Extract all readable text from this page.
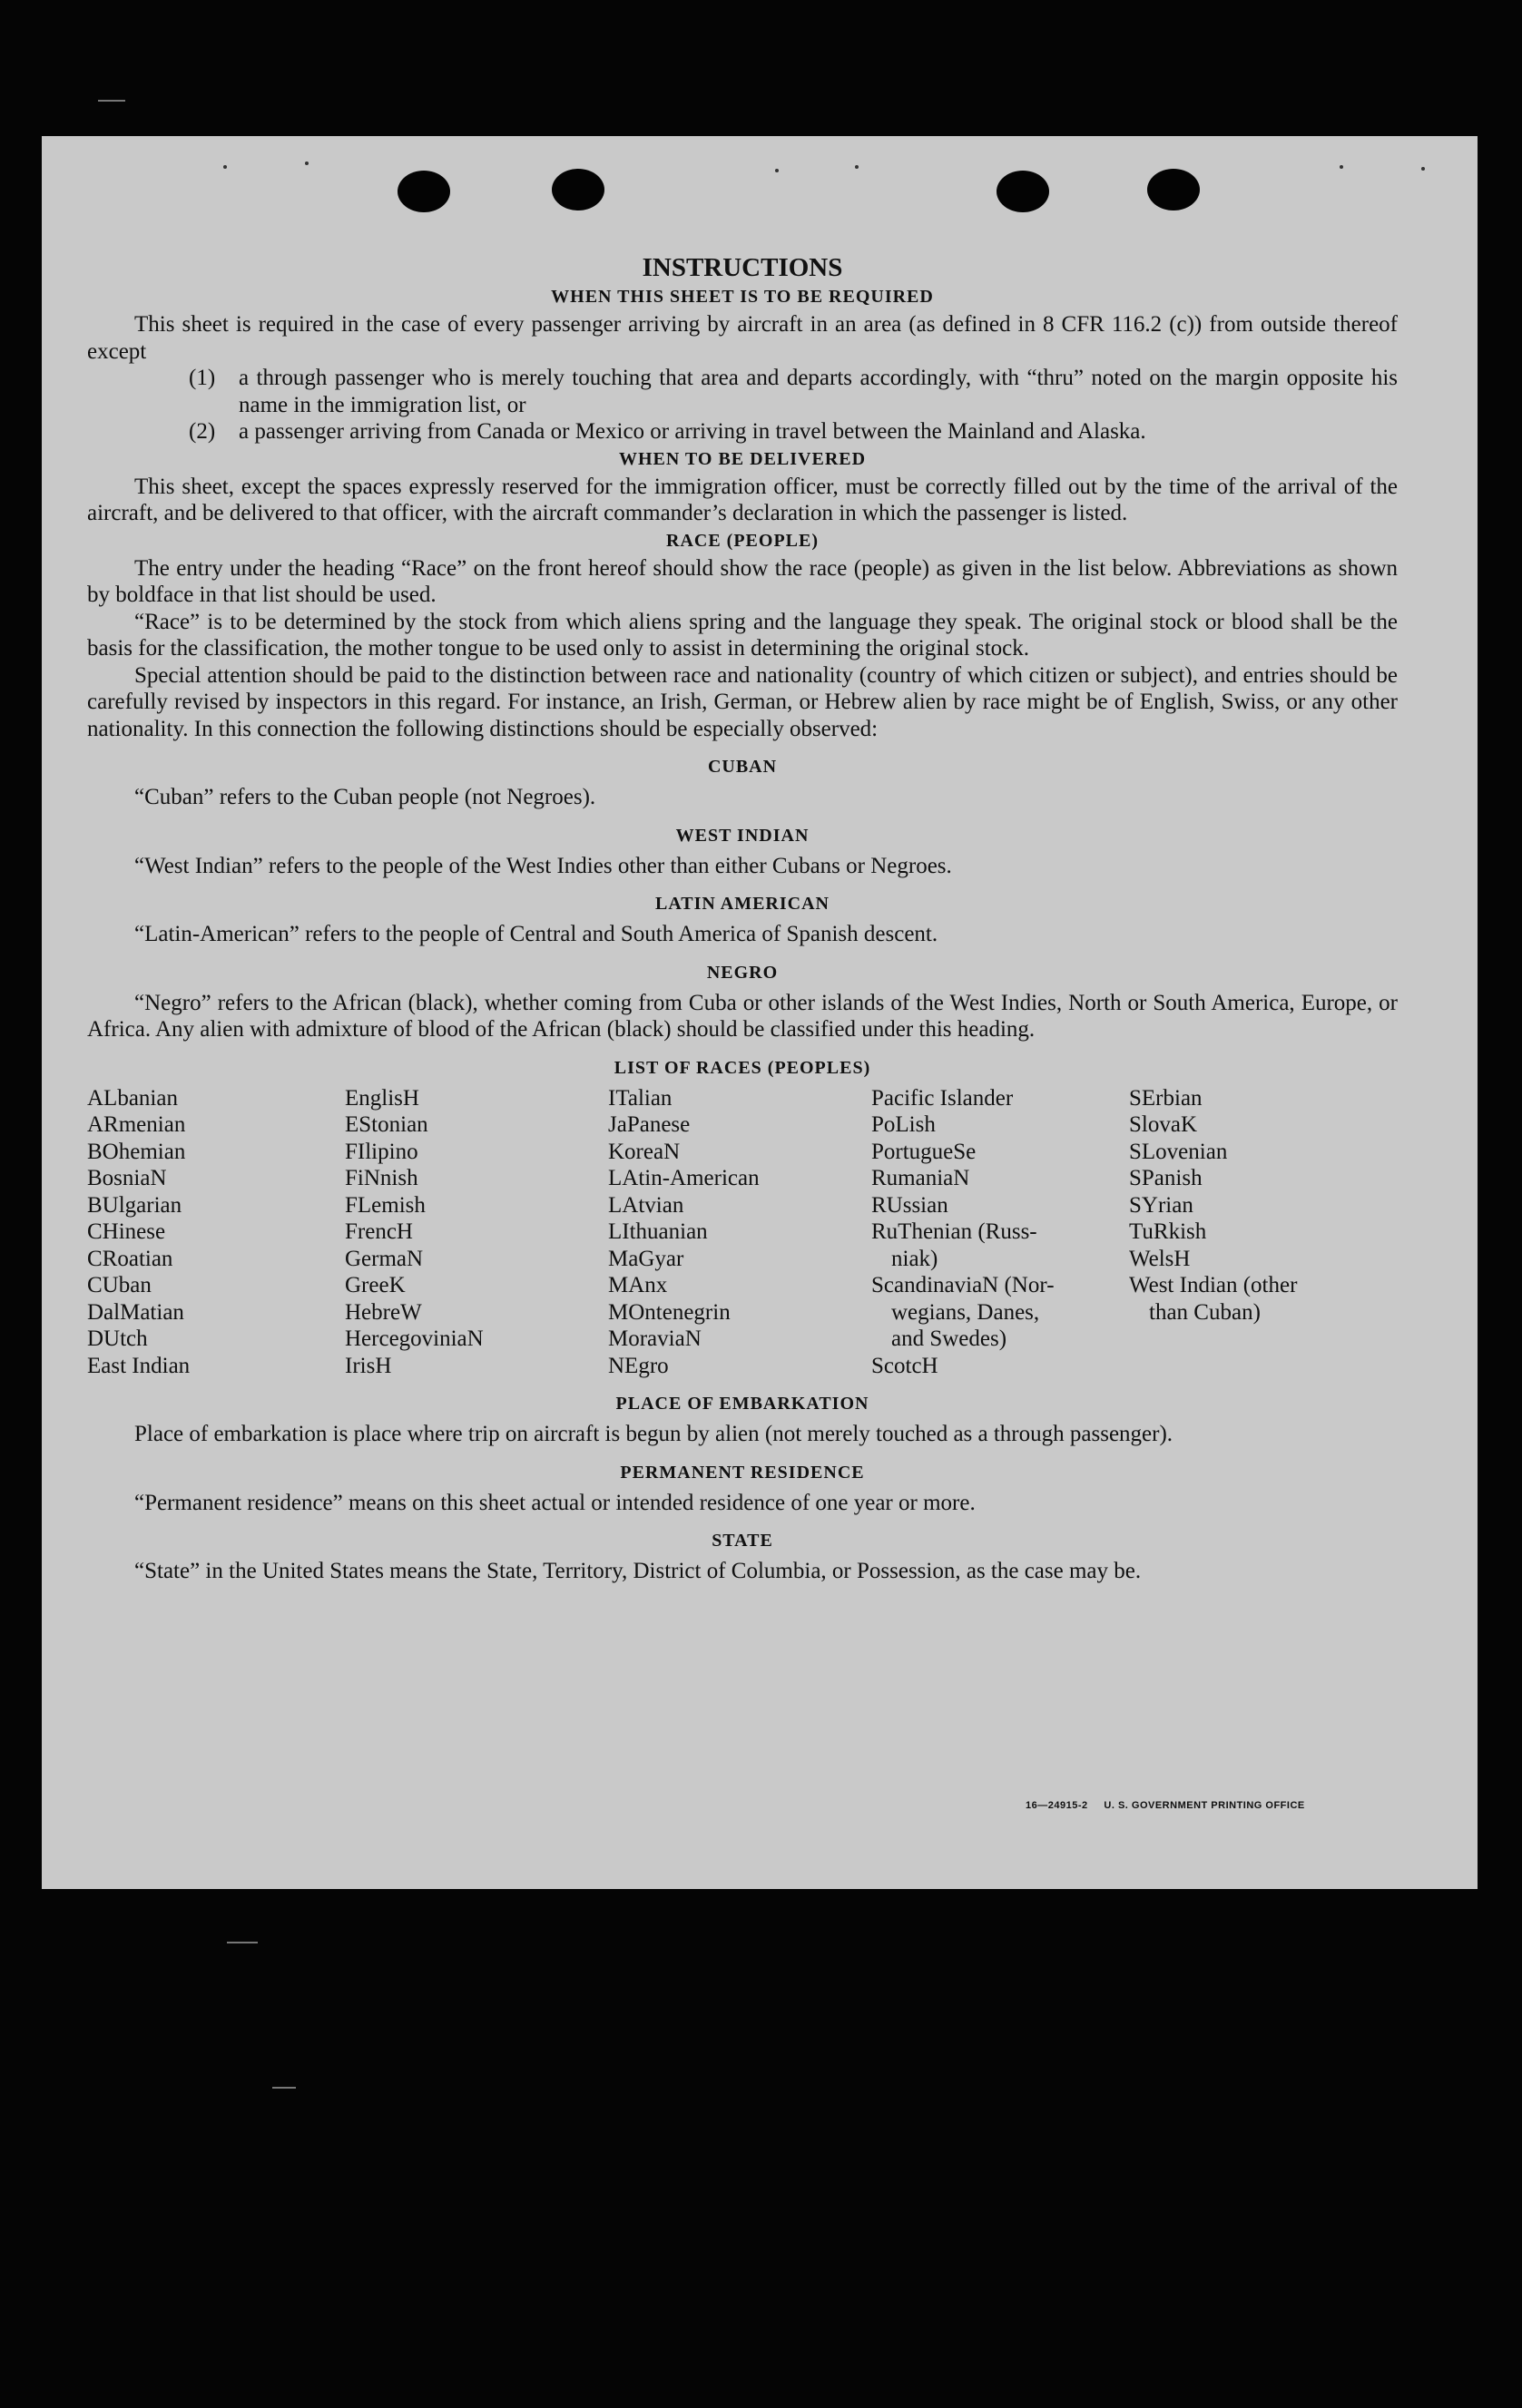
INSTRUCTIONS
WHEN THIS SHEET IS TO BE REQUIRED

This sheet is required in the case of every passenger arriving by aircraft in an area (as defined in 8 CFR 116.2 (c)) from outside thereof except

(1)	a through passenger who is merely touching that area and departs accordingly, with “thru” noted on the margin opposite his name in the immigration list, or
(2)	a passenger arriving from Canada or Mexico or arriving in travel between the Mainland and Alaska.
WHEN TO BE DELIVERED

This sheet, except the spaces expressly reserved for the immigration officer, must be correctly filled out by the time of the arrival of the aircraft, and be delivered to that officer, with the aircraft commander’s declaration in which the passenger is listed.

RACE (PEOPLE)

The entry under the heading “Race” on the front hereof should show the race (people) as given in the list below. Abbreviations as shown by boldface in that list should be used.

“Race” is to be determined by the stock from which aliens spring and the language they speak. The original stock or blood shall be the basis for the classification, the mother tongue to be used only to assist in determining the original stock.

Special attention should be paid to the distinction between race and nationality (country of which citizen or subject), and entries should be carefully revised by inspectors in this regard. For instance, an Irish, German, or Hebrew alien by race might be of English, Swiss, or any other nationality. In this connection the following distinctions should be especially observed:

CUBAN

“Cuban” refers to the Cuban people (not Negroes).

WEST INDIAN

“West Indian” refers to the people of the West Indies other than either Cubans or Negroes.

LATIN AMERICAN

“Latin-American” refers to the people of Central and South America of Spanish descent.

NEGRO

“Negro” refers to the African (black), whether coming from Cuba or other islands of the West Indies, North or South America, Europe, or Africa. Any alien with admixture of blood of the African (black) should be classified under this heading.

LIST OF RACES (PEOPLES)
ALbanian
ARmenian
BOhemian
BosniaN
BUlgarian
CHinese
CRoatian
CUban
DalMatian
DUtch
East Indian
EnglisH
EStonian
FIlipino
FiNnish
FLemish
FrencH
GermaN
GreeK
HebreW
HercegoviniaN
IrisH
ITalian
JaPanese
KoreaN
LAtin-American
LAtvian
LIthuanian
MaGyar
MAnx
MOntenegrin
MoraviaN
NEgro
Pacific Islander
PoLish
PortugueSe
RumaniaN
RUssian
RuThenian (Russ-
niak)
ScandinaviaN (Nor-
wegians, Danes,
and Swedes)
ScotcH
SErbian
SlovaK
SLovenian
SPanish
SYrian
TuRkish
WelsH
West Indian (other
than Cuban)
PLACE OF EMBARKATION

Place of embarkation is place where trip on aircraft is begun by alien (not merely touched as a through passenger).

PERMANENT RESIDENCE

“Permanent residence” means on this sheet actual or intended residence of one year or more.

STATE

“State” in the United States means the State, Territory, District of Columbia, or Possession, as the case may be.

16—24915-2 U. S. GOVERNMENT PRINTING OFFICE
